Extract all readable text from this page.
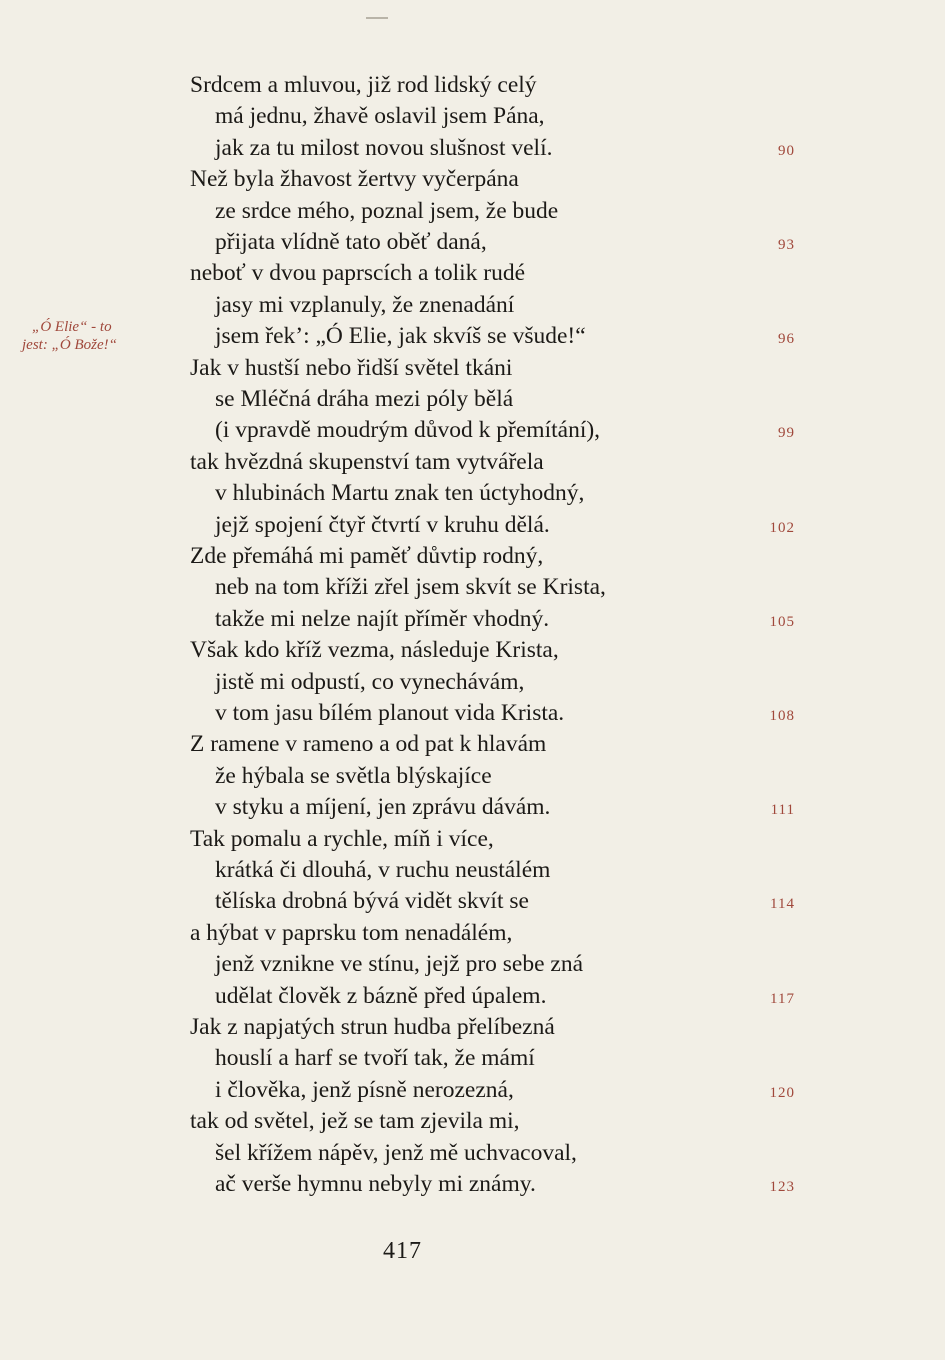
„Ó Elie“ - to
jest: „Ó Bože!“
Srdcem a mluvou, již rod lidský celý
má jednu, žhavě oslavil jsem Pána,
jak za tu milost novou slušnost velí.
Než byla žhavost žertvy vyčerpána
ze srdce mého, poznal jsem, že bude
přijata vlídně tato oběť daná,
neboť v dvou paprscích a tolik rudé
jasy mi vzplanuly, že znenadání
jsem řek’: „Ó Elie, jak skvíš se všude!“
Jak v hustší nebo řidší světel tkáni
se Mléčná dráha mezi póly bělá
(i vpravdě moudrým důvod k přemítání),
tak hvězdná skupenství tam vytvářela
v hlubinách Martu znak ten úctyhodný,
jejž spojení čtyř čtvrtí v kruhu dělá.
Zde přemáhá mi paměť důvtip rodný,
neb na tom kříži zřel jsem skvít se Krista,
takže mi nelze najít příměr vhodný.
Však kdo kříž vezma, následuje Krista,
jistě mi odpustí, co vynechávám,
v tom jasu bílém planout vida Krista.
Z ramene v rameno a od pat k hlavám
že hýbala se světla blýskajíce
v styku a míjení, jen zprávu dávám.
Tak pomalu a rychle, míň i více,
krátká či dlouhá, v ruchu neustálém
tělíska drobná bývá vidět skvít se
a hýbat v paprsku tom nenadálém,
jenž vznikne ve stínu, jejž pro sebe zná
udělat člověk z bázně před úpalem.
Jak z napjatých strun hudba přelíbezná
houslí a harf se tvoří tak, že mámí
i člověka, jenž písně nerozezná,
tak od světel, jež se tam zjevila mi,
šel křížem nápěv, jenž mě uchvacoval,
ač verše hymnu nebyly mi známy.
90
93
96
99
102
105
108
111
114
117
120
123
417
